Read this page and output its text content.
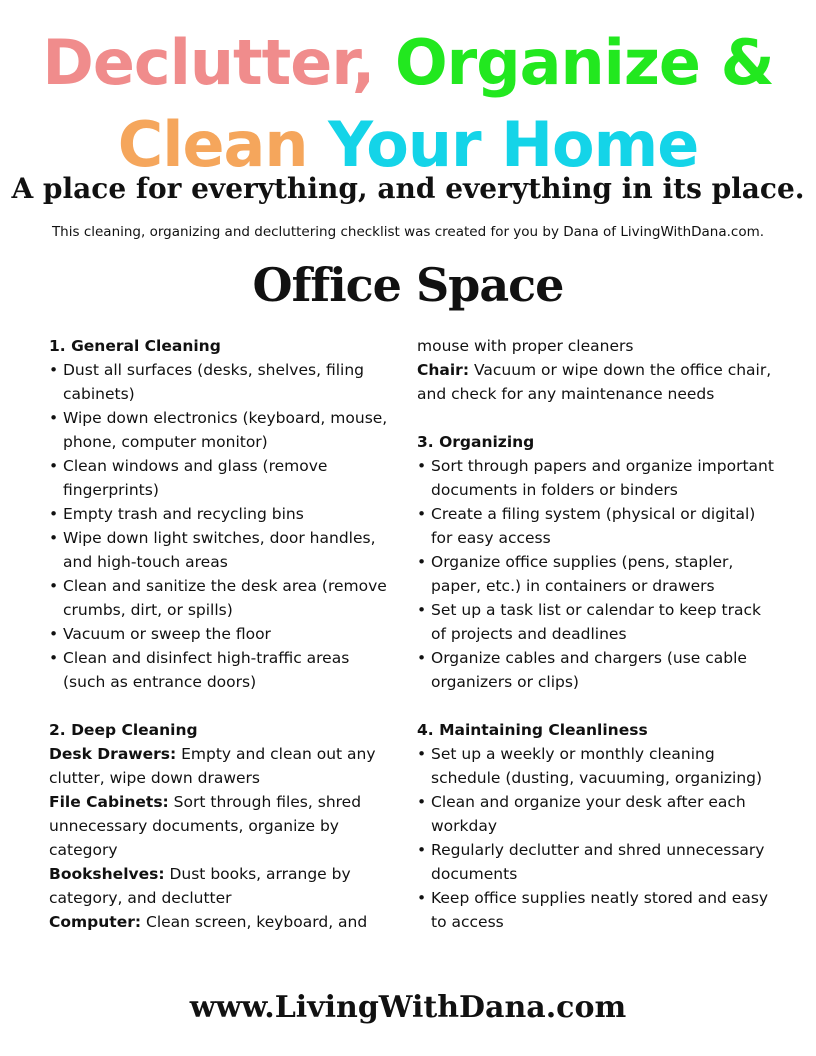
Declutter, Organize &
Clean Your Home
A place for everything, and everything in its place.
This cleaning, organizing and decluttering checklist was created for you by Dana of LivingWithDana.com.
Office Space

1. General Cleaning

• Dust all surfaces (desks, shelves, filing cabinets)
• Wipe down electronics (keyboard, mouse, phone, computer monitor)
• Clean windows and glass (remove fingerprints)
• Empty trash and recycling bins
• Wipe down light switches, door handles, and high-touch areas
• Clean and sanitize the desk area (remove crumbs, dirt, or spills)
• Vacuum or sweep the floor
• Clean and disinfect high-traffic areas (such as entrance doors)

2. Deep Cleaning

Desk Drawers: Empty and clean out any clutter, wipe down drawers

File Cabinets: Sort through files, shred unnecessary documents, organize by category

Bookshelves: Dust books, arrange by category, and declutter

Computer: Clean screen, keyboard, and

mouse with proper cleaners

Chair: Vacuum or wipe down the office chair, and check for any maintenance needs

3. Organizing

• Sort through papers and organize important documents in folders or binders
• Create a filing system (physical or digital) for easy access
• Organize office supplies (pens, stapler, paper, etc.) in containers or drawers
• Set up a task list or calendar to keep track of projects and deadlines
• Organize cables and chargers (use cable organizers or clips)

4. Maintaining Cleanliness

• Set up a weekly or monthly cleaning schedule (dusting, vacuuming, organizing)
• Clean and organize your desk after each workday
• Regularly declutter and shred unnecessary documents
• Keep office supplies neatly stored and easy to access
www.LivingWithDana.com
